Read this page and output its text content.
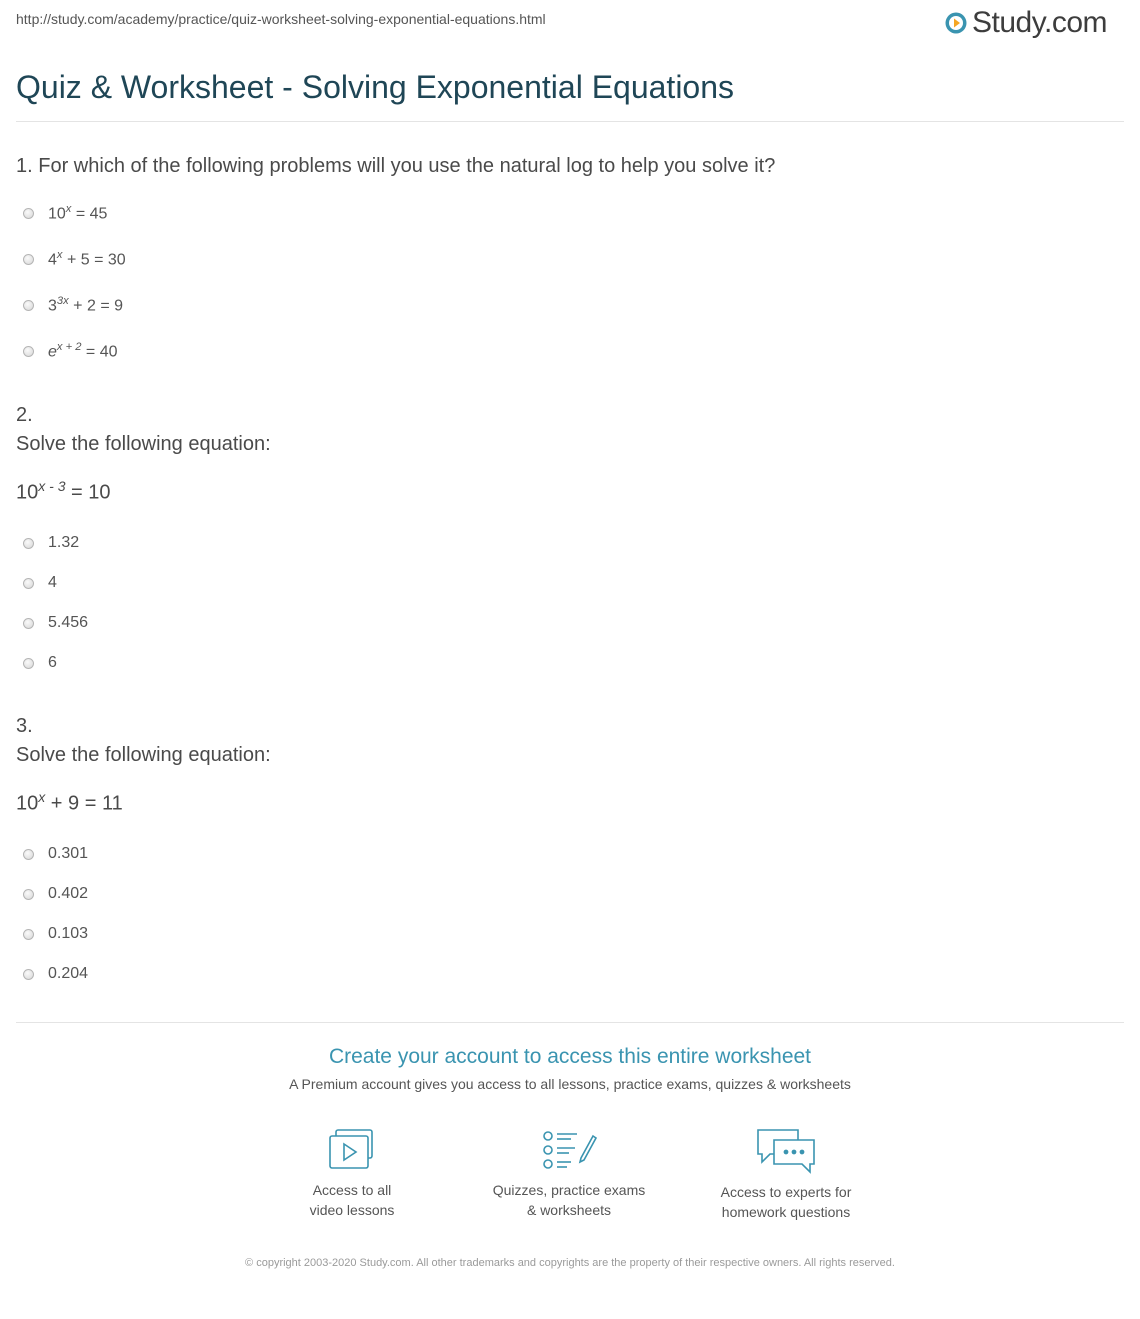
http://study.com/academy/practice/quiz-worksheet-solving-exponential-equations.html	Study.com
Quiz & Worksheet - Solving Exponential Equations
1. For which of the following problems will you use the natural log to help you solve it?
$10^x = 45$
$4^x + 5 = 30$
$3^{3x} + 2 = 9$
$e^{x + 2} = 40$
2.
Solve the following equation:
$10^{x - 3} = 10$
1.32
4
5.456
6
3.
Solve the following equation:
$10^x + 9 = 11$
0.301
0.402
0.103
0.204
Create your account to access this entire worksheet
A Premium account gives you access to all lessons, practice exams, quizzes & worksheets
Access to all
video lessons
Quizzes, practice exams
& worksheets
Access to experts for
homework questions
© copyright 2003-2020 Study.com. All other trademarks and copyrights are the property of their respective owners. All rights reserved.
